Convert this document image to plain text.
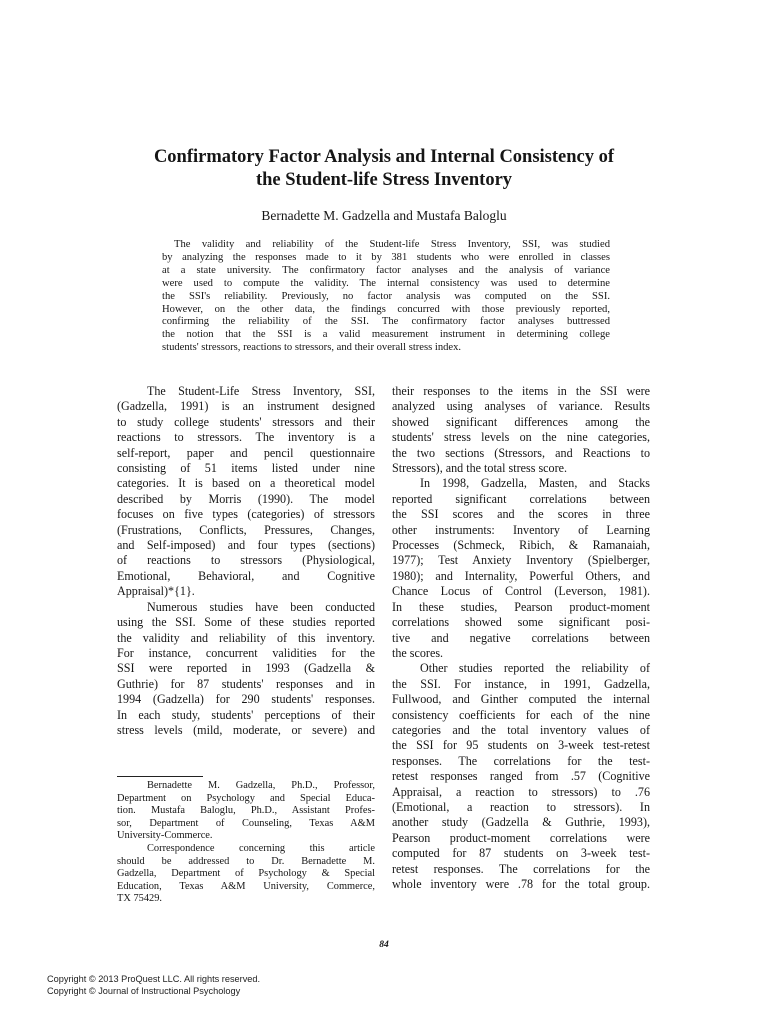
Confirmatory Factor Analysis and Internal Consistency of
the Student-life Stress Inventory

Bernadette M. Gadzella and Mustafa Baloglu

The validity and reliability of the Student-life Stress Inventory, SSI, was studied
by analyzing the responses made to it by 381 students who were enrolled in classes
at a state university. The confirmatory factor analyses and the analysis of variance
were used to compute the validity. The internal consistency was used to determine
the SSI's reliability. Previously, no factor analysis was computed on the SSI.
However, on the other data, the findings concurred with those previously reported,
confirming the reliability of the SSI. The confirmatory factor analyses buttressed
the notion that the SSI is a valid measurement instrument in determining college
students' stressors, reactions to stressors, and their overall stress index.
The Student-Life Stress Inventory, SSI,
(Gadzella, 1991) is an instrument designed
to study college students' stressors and their
reactions to stressors. The inventory is a
self-report, paper and pencil questionnaire
consisting of 51 items listed under nine
categories. It is based on a theoretical model
described by Morris (1990). The model
focuses on five types (categories) of stressors
(Frustrations, Conflicts, Pressures, Changes,
and Self-imposed) and four types (sections)
of reactions to stressors (Physiological,
Emotional, Behavioral, and Cognitive
Appraisal)*{1}.
Numerous studies have been conducted
using the SSI. Some of these studies reported
the validity and reliability of this inventory.
For instance, concurrent validities for the
SSI were reported in 1993 (Gadzella &
Guthrie) for 87 students' responses and in
1994 (Gadzella) for 290 students' responses.
In each study, students' perceptions of their
stress levels (mild, moderate, or severe) and
their responses to the items in the SSI were
analyzed using analyses of variance. Results
showed significant differences among the
students' stress levels on the nine categories,
the two sections (Stressors, and Reactions to
Stressors), and the total stress score.
In 1998, Gadzella, Masten, and Stacks
reported significant correlations between
the SSI scores and the scores in three
other instruments: Inventory of Learning
Processes (Schmeck, Ribich, & Ramanaiah,
1977); Test Anxiety Inventory (Spielberger,
1980); and Internality, Powerful Others, and
Chance Locus of Control (Leverson, 1981).
In these studies, Pearson product-moment
correlations showed some significant posi-
tive and negative correlations between
the scores.
Other studies reported the reliability of
the SSI. For instance, in 1991, Gadzella,
Fullwood, and Ginther computed the internal
consistency coefficients for each of the nine
categories and the total inventory values of
the SSI for 95 students on 3-week test-retest
responses. The correlations for the test-
retest responses ranged from .57 (Cognitive
Appraisal, a reaction to stressors) to .76
(Emotional, a reaction to stressors). In
another study (Gadzella & Guthrie, 1993),
Pearson product-moment correlations were
computed for 87 students on 3-week test-
retest responses. The correlations for the
whole inventory were .78 for the total group.
Bernadette M. Gadzella, Ph.D., Professor,
Department on Psychology and Special Educa-
tion. Mustafa Baloglu, Ph.D., Assistant Profes-
sor, Department of Counseling, Texas A&M
University-Commerce.
Correspondence concerning this article
should be addressed to Dr. Bernadette M.
Gadzella, Department of Psychology & Special
Education, Texas A&M University, Commerce,
TX 75429.
84
Copyright © 2013 ProQuest LLC. All rights reserved.
Copyright © Journal of Instructional Psychology
